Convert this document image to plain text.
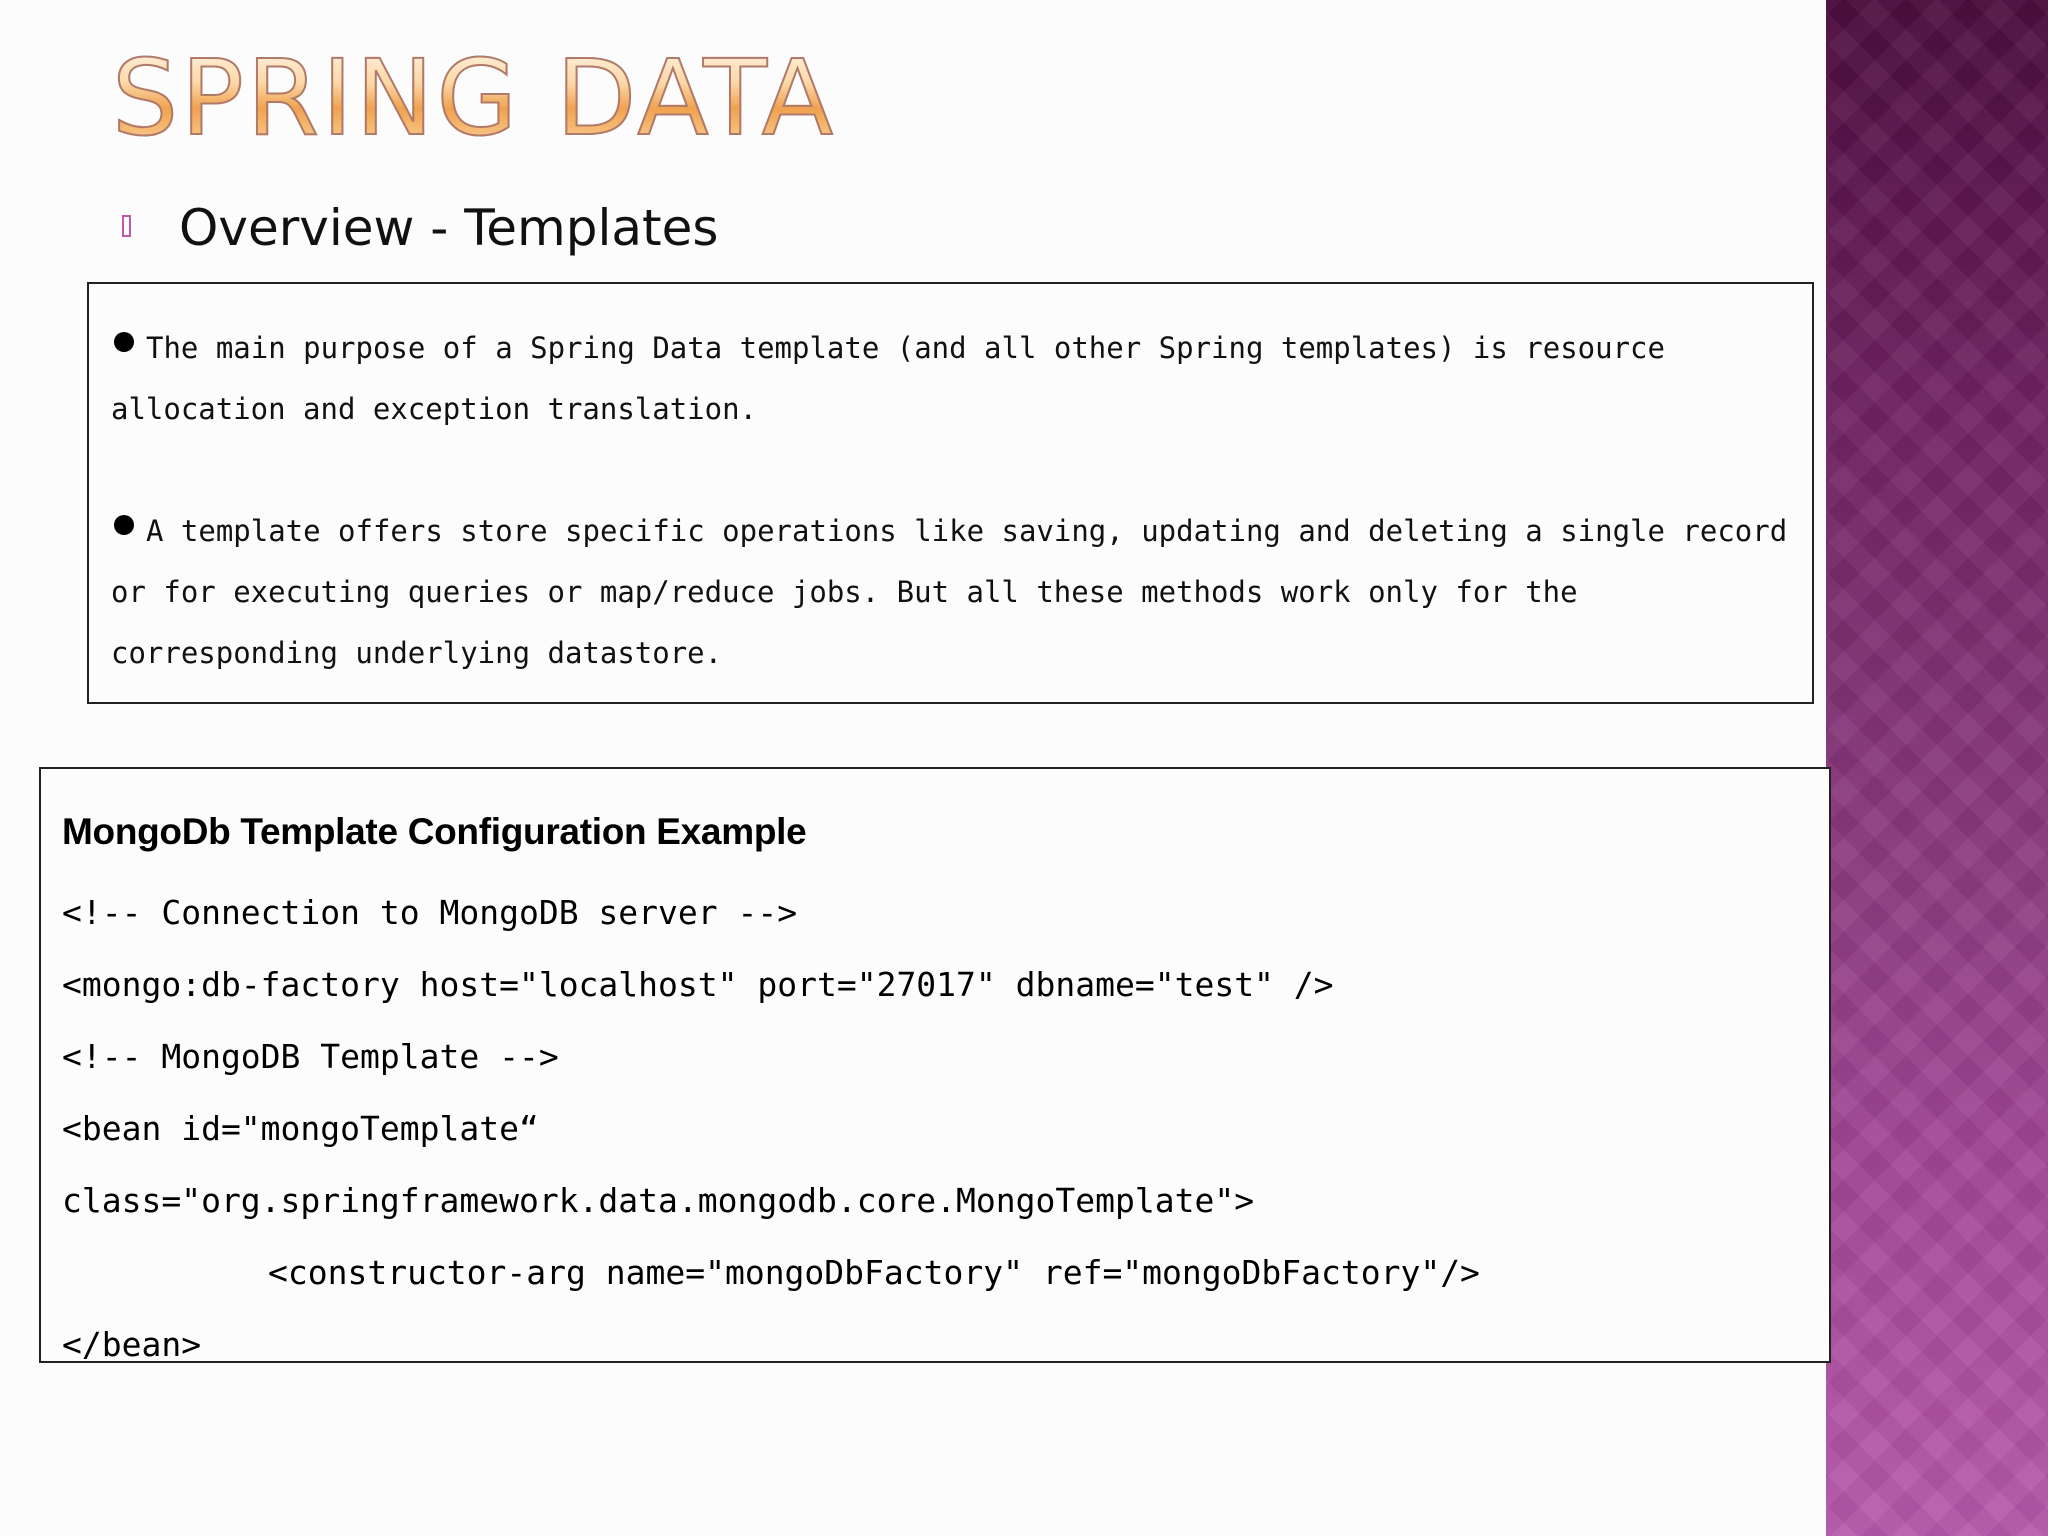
SPRING DATA
Overview - Templates

The main purpose of a Spring Data template (and all other Spring templates) is resource allocation and exception translation.

A template offers store specific operations like saving, updating and deleting a single record or for executing queries or map/reduce jobs. But all these methods work only for the corresponding underlying datastore.

MongoDb Template Configuration Example
<!-- Connection to MongoDB server -->
<mongo:db-factory host="localhost" port="27017" dbname="test" />
<!-- MongoDB Template -->
<bean id="mongoTemplate“
class="org.springframework.data.mongodb.core.MongoTemplate">
<constructor-arg name="mongoDbFactory" ref="mongoDbFactory"/>
</bean>
